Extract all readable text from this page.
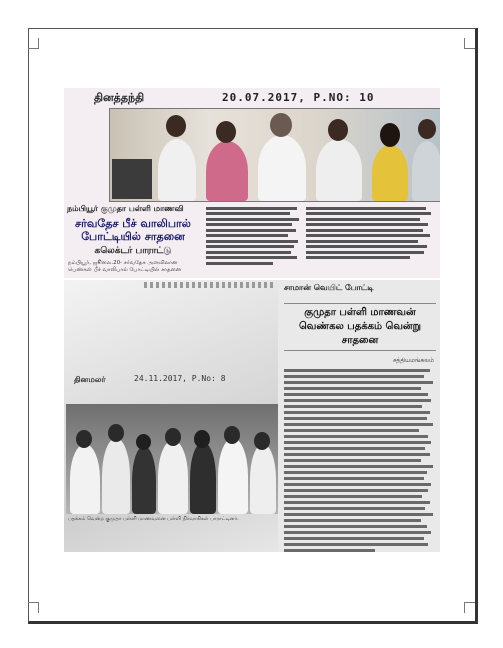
தினத்தந்தி	20.07.2017, P.NO: 10

நம்பியூர் குமுதா பள்ளி மாணவி

சர்வதேச பீச் வாலிபால் போட்டியில் சாதனை

கலெக்டர் பாராட்டு

நம்பியூர், ஜூலை.20- சர்வதேச அளவிலான பெண்கள் பீச் வாலிபால் போட்டியில் சாதனை

தினமலர்	24.11.2017, P.No: 8
பதக்கம் வென்ற குமுதா பள்ளி மாணவனை பள்ளி நிர்வாகிகள் பாராட்டினர்.

சாமான் வெயிட் போட்டி

குமுதா பள்ளி மாணவன் வெண்கல பதக்கம் வென்று சாதனை
சத்தியமங்கலம்
